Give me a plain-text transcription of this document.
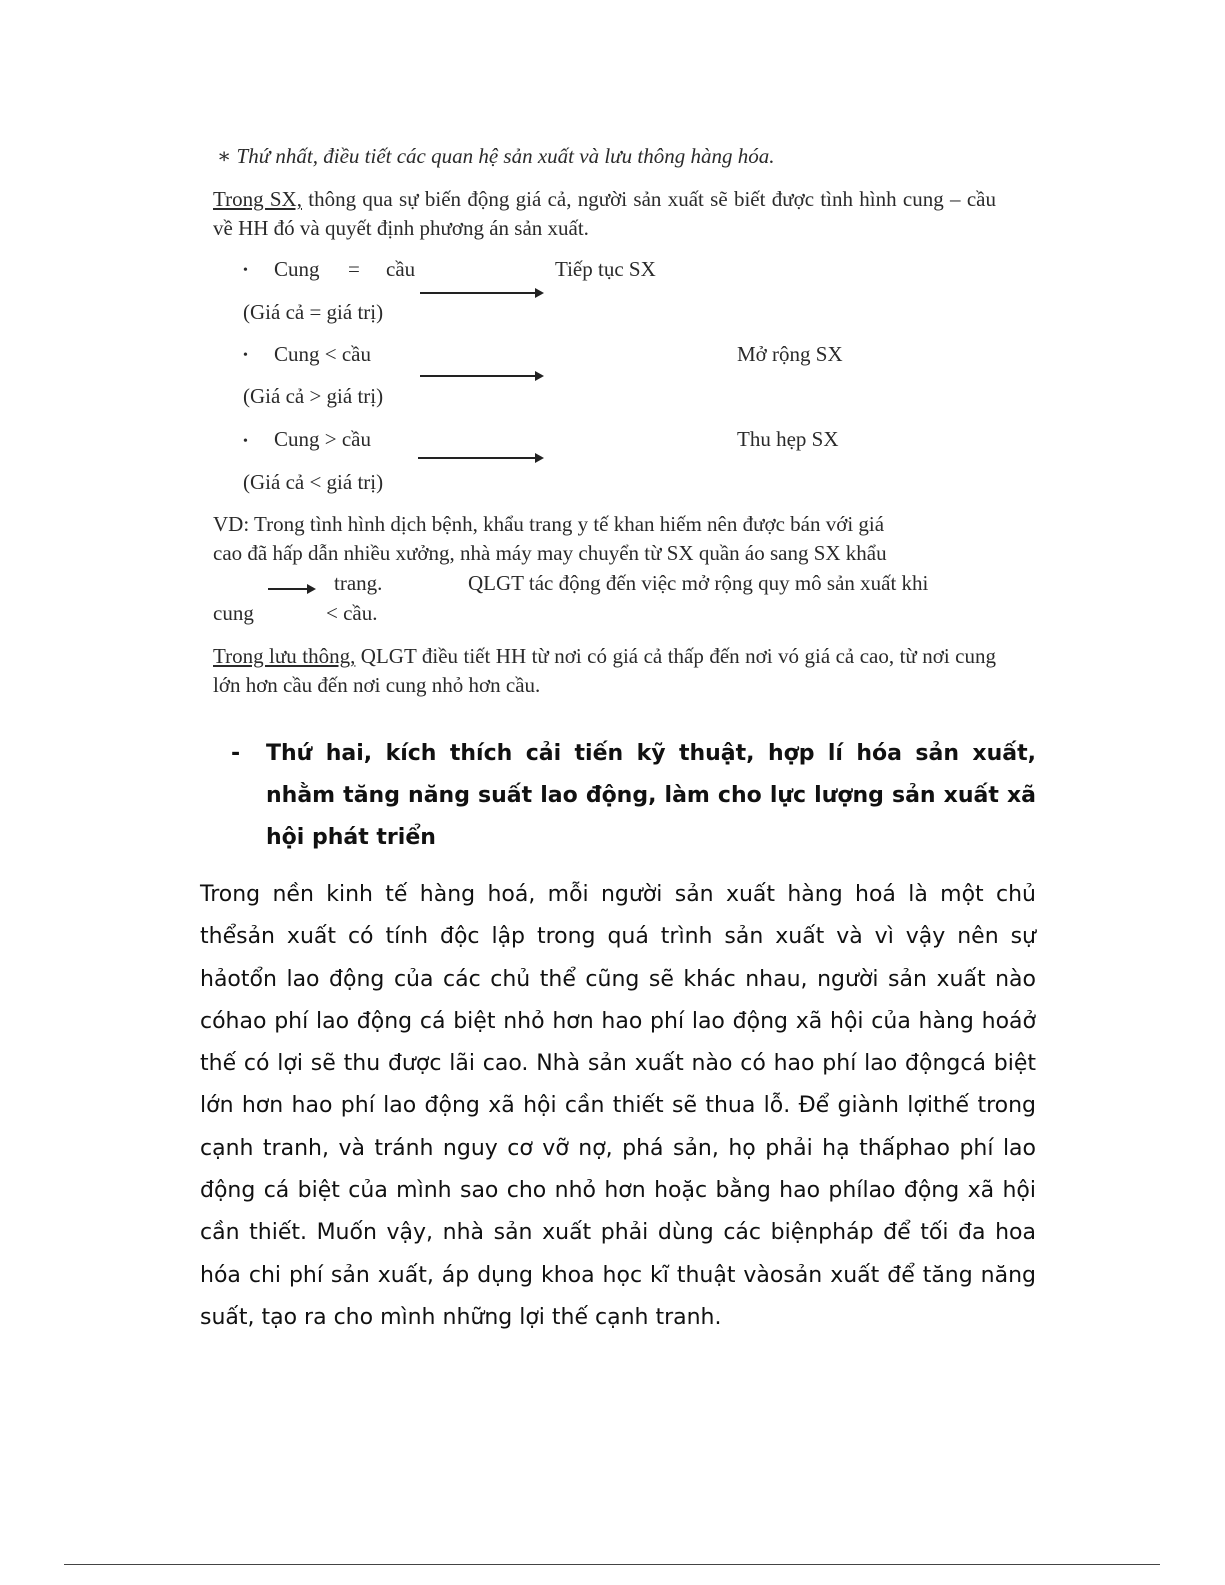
∗ Thứ nhất, điều tiết các quan hệ sản xuất và lưu thông hàng hóa.
Trong SX, thông qua sự biến động giá cả, người sản xuất sẽ biết được tình hình cung – cầu về HH đó và quyết định phương án sản xuất.
• Cung = cầu	Tiếp tục SX
(Giá cả = giá trị)
• Cung < cầu	Mở rộng SX
(Giá cả > giá trị)
• Cung > cầu	Thu hẹp SX
(Giá cả < giá trị)
VD: Trong tình hình dịch bệnh, khẩu trang y tế khan hiếm nên được bán với giá
cao đã hấp dẫn nhiều xưởng, nhà máy may chuyển từ SX quần áo sang SX khẩu
trang.	QLGT tác động đến việc mở rộng quy mô sản xuất khi
cung	< cầu.
Trong lưu thông, QLGT điều tiết HH từ nơi có giá cả thấp đến nơi vó giá cả cao, từ nơi cung lớn hơn cầu đến nơi cung nhỏ hơn cầu.
- Thứ hai, kích thích cải tiến kỹ thuật, hợp lí hóa sản xuất, nhằm tăng năng suất lao động, làm cho lực lượng sản xuất xã hội phát triển
Trong nền kinh tế hàng hoá, mỗi người sản xuất hàng hoá là một chủ thểsản xuất có tính độc lập trong quá trình sản xuất và vì vậy nên sự hảotổn lao động của các chủ thể cũng sẽ khác nhau, người sản xuất nào cóhao phí lao động cá biệt nhỏ hơn hao phí lao động xã hội của hàng hoáở thế có lợi sẽ thu được lãi cao. Nhà sản xuất nào có hao phí lao độngcá biệt lớn hơn hao phí lao động xã hội cần thiết sẽ thua lỗ. Để giành lợithế trong cạnh tranh, và tránh nguy cơ vỡ nợ, phá sản, họ phải hạ thấphao phí lao động cá biệt của mình sao cho nhỏ hơn hoặc bằng hao phílao động xã hội cần thiết. Muốn vậy, nhà sản xuất phải dùng các biệnpháp để tối đa hoa hóa chi phí sản xuất, áp dụng khoa học kĩ thuật vàosản xuất để tăng năng suất, tạo ra cho mình những lợi thế cạnh tranh.
